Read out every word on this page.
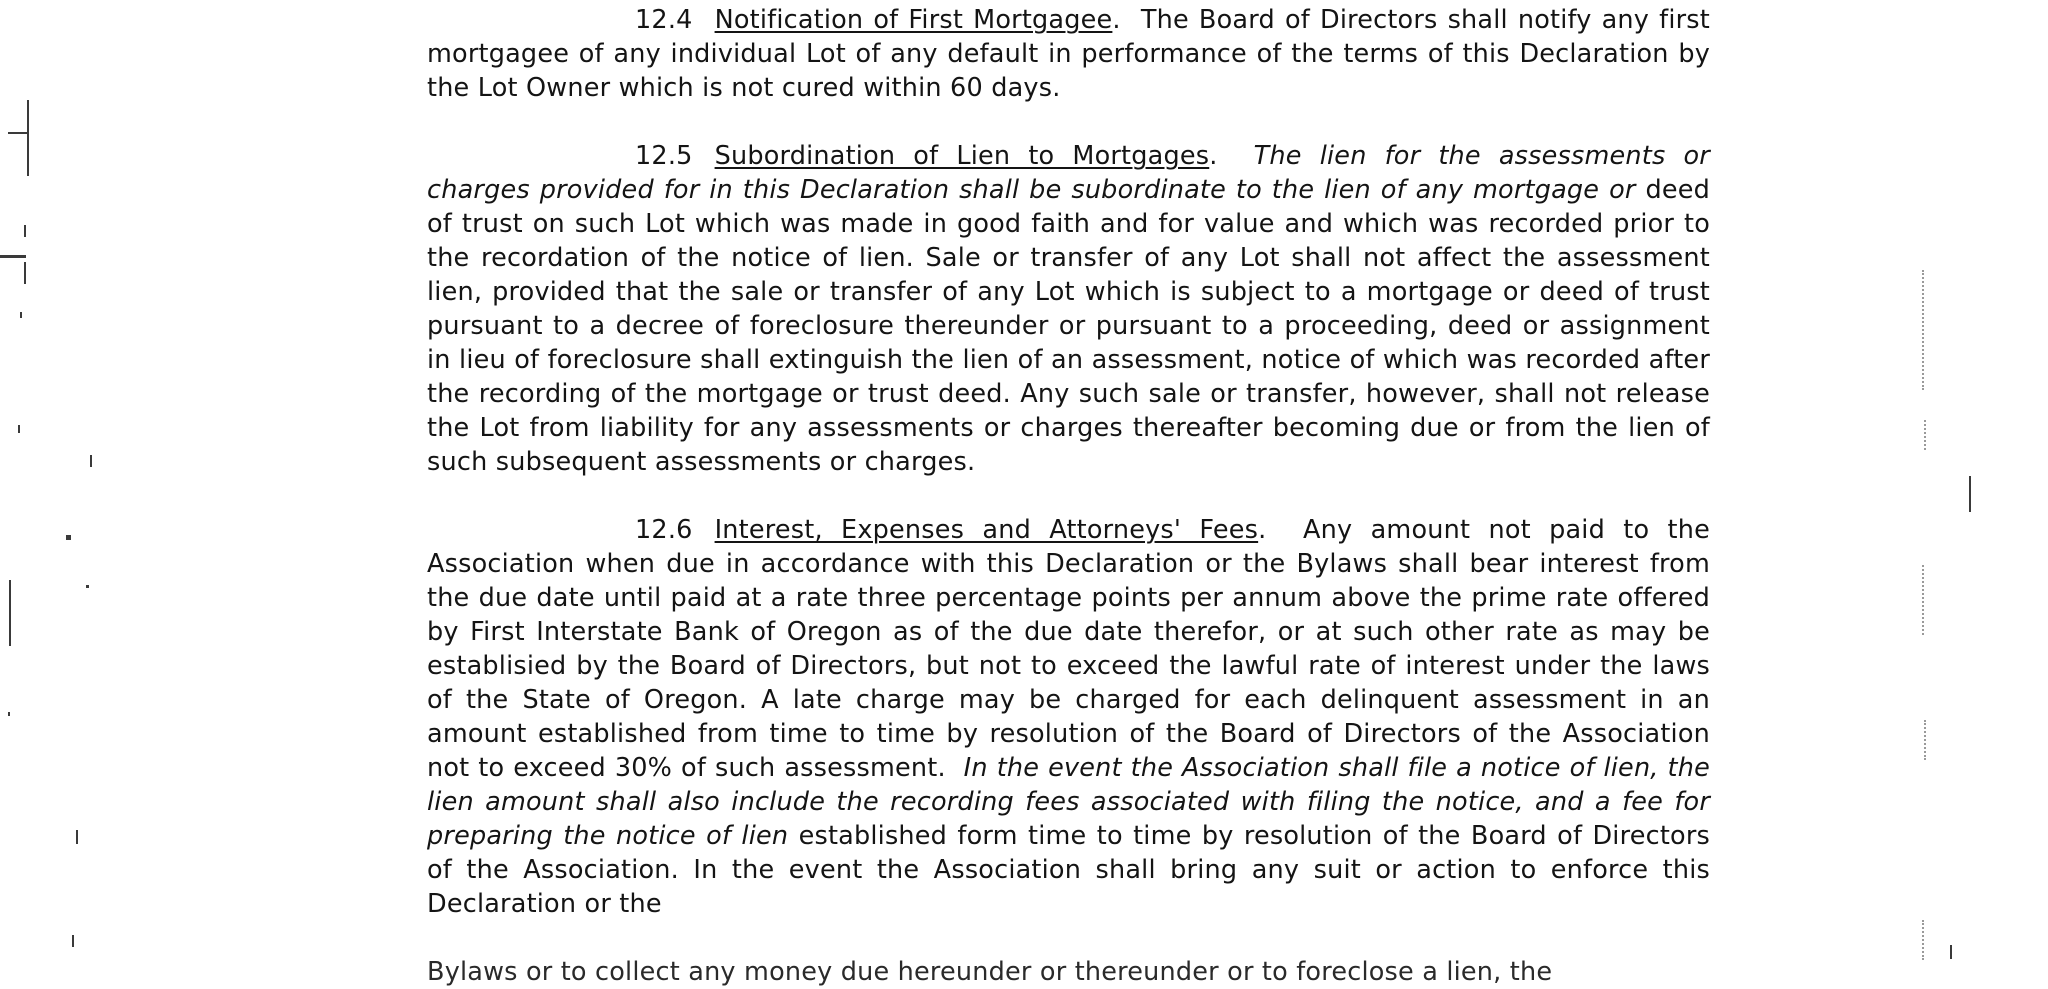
12.4 Notification of First Mortgagee. The Board of Directors shall notify any first mortgagee of any individual Lot of any default in performance of the terms of this Declaration by the Lot Owner which is not cured within 60 days.

12.5 Subordination of Lien to Mortgages. The lien for the assessments or charges provided for in this Declaration shall be subordinate to the lien of any mortgage or deed of trust on such Lot which was made in good faith and for value and which was recorded prior to the recordation of the notice of lien. Sale or transfer of any Lot shall not affect the assessment lien, provided that the sale or transfer of any Lot which is subject to a mortgage or deed of trust pursuant to a decree of foreclosure thereunder or pursuant to a proceeding, deed or assignment in lieu of foreclosure shall extinguish the lien of an assessment, notice of which was recorded after the recording of the mortgage or trust deed. Any such sale or transfer, however, shall not release the Lot from liability for any assessments or charges thereafter becoming due or from the lien of such subsequent assessments or charges.

12.6 Interest, Expenses and Attorneys' Fees. Any amount not paid to the Association when due in accordance with this Declaration or the Bylaws shall bear interest from the due date until paid at a rate three percentage points per annum above the prime rate offered by First Interstate Bank of Oregon as of the due date therefor, or at such other rate as may be establisied by the Board of Directors, but not to exceed the lawful rate of interest under the laws of the State of Oregon. A late charge may be charged for each delinquent assessment in an amount established from time to time by resolution of the Board of Directors of the Association not to exceed 30% of such assessment. In the event the Association shall file a notice of lien, the lien amount shall also include the recording fees associated with filing the notice, and a fee for preparing the notice of lien established form time to time by resolution of the Board of Directors of the Association. In the event the Association shall bring any suit or action to enforce this Declaration or the

Bylaws or to collect any money due hereunder or thereunder or to foreclose a lien, the
